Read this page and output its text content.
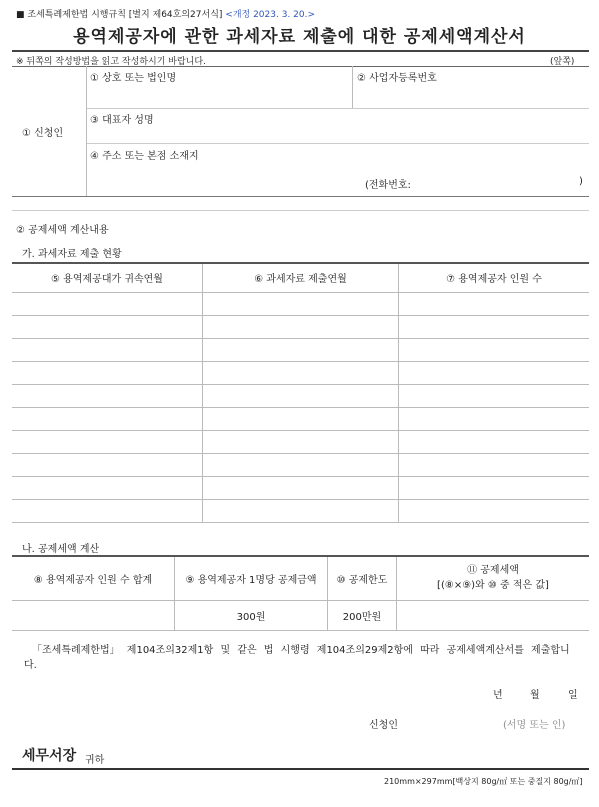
■ 조세특례제한법 시행규칙 [별지 제64호의27서식] <개정 2023. 3. 20.>
용역제공자에 관한 과세자료 제출에 대한 공제세액계산서
※ 뒤쪽의 작성방법을 읽고 작성하시기 바랍니다.	(앞쪽)
① 신청인
① 상호 또는 법인명	② 사업자등록번호
③ 대표자 성명
④ 주소 또는 본점 소재지
(전화번호:	)
② 공제세액 계산내용
가. 과세자료 제출 현황
⑤ 용역제공대가 귀속연월	⑥ 과세자료 제출연월	⑦ 용역제공자 인원 수

나. 공제세액 계산
⑧ 용역제공자 인원 수 합계	⑨ 용역제공자 1명당 공제금액	⑩ 공제한도	⑪ 공제세액
[(⑧×⑨)와 ⑩ 중 적은 값]

	300원	200만원	
「조세특례제한법」 제104조의32제1항 및 같은 법 시행령 제104조의29제2항에 따라 공제세액계산서를 제출합니다.
년	월	일
신청인	(서명 또는 인)
세무서장 귀하
210mm×297mm[백상지 80g/㎡ 또는 중질지 80g/㎡]
